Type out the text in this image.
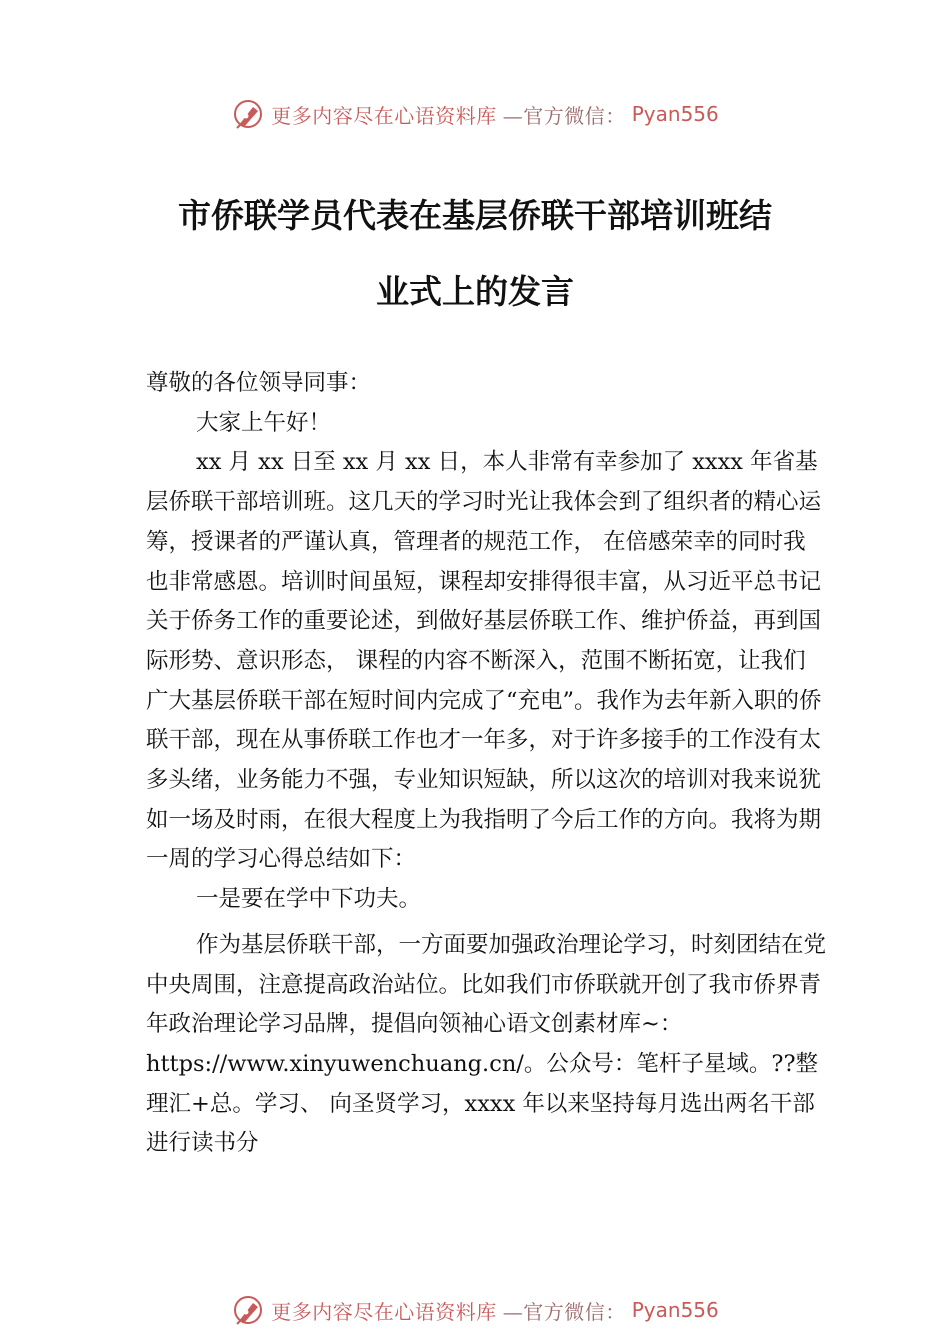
更多内容尽在心语资料库 —官方微信： Pyan556
市侨联学员代表在基层侨联干部培训班结
业式上的发言

尊敬的各位领导同事：

大家上午好！

xx 月 xx 日至 xx 月 xx 日，本人非常有幸参加了 xxxx 年省基层侨联干部培训班。这几天的学习时光让我体会到了组织者的精心运筹，授课者的严谨认真，管理者的规范工作， 在倍感荣幸的同时我也非常感恩。培训时间虽短，课程却安排得很丰富，从习近平总书记关于侨务工作的重要论述，到做好基层侨联工作、维护侨益，再到国际形势、意识形态， 课程的内容不断深入，范围不断拓宽，让我们广大基层侨联干部在短时间内完成了“充电”。我作为去年新入职的侨联干部，现在从事侨联工作也才一年多，对于许多接手的工作没有太多头绪，业务能力不强，专业知识短缺，所以这次的培训对我来说犹如一场及时雨，在很大程度上为我指明了今后工作的方向。我将为期一周的学习心得总结如下：

一是要在学中下功夫。

作为基层侨联干部，一方面要加强政治理论学习，时刻团结在党中央周围，注意提高政治站位。比如我们市侨联就开创了我市侨界青年政治理论学习品牌，提倡向领袖心语文创素材库~：https://www.xinyuwenchuang.cn/。公众号：笔杆子星域。??整理汇+总。学习、 向圣贤学习，xxxx 年以来坚持每月选出两名干部进行读书分

更多内容尽在心语资料库 —官方微信： Pyan556
